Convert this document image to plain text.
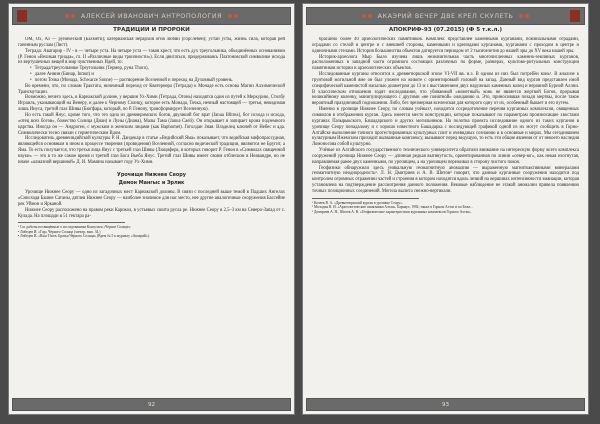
АЛЕКСЕЙ ИВАНОВИЧ АНТРОПОЛОГИЯ
ТРАДИЦИИ И ПРОРОКИ

ОМ, Ох, Аз — рунический (Бахмети); катерианская иерархия огня любви (Горслебен); устан усты, жизнь сила, которая рей ганенным руслам (Лист).

Тетрада: Аватарир - IV - в — четыре уста. На четыре уста — таков крест, что есть дух треугольника, объединённых основаниями (Р. Генон «Великая триада», гл. II «Различные виды троичности»). Если двигаться, придерживаясь Платоновской символике исхода из вертушечных вещей в мир чувственных Идей, то:

• Тетрада/треугольнике Треугольник (Термер, руна Thorn),
• далее Аннин (Бинар, Inmut) и
• потом Точка (Монада, Schwarze Sonne) — растворение Вселенной и переход на Духовный уровень.

Во времени, что, по словам Трактата, ничемный переход от Кватернера (Тетрада) к Монаде есть основа Магии Алхимической Трансмутации.

Возможно, нечего здесь, в Карнакской долине, у вершин Ух-Химн (Тетрада, Огонь) находятся один из путей к Меркурию, Столбу Играиль, указывающий на Венеру, и далее к Черному Солнцу, которое есть Монада, Точка, нечный настоящей — третья, невидимая лишь Инуса, третий глаз Шивы (Бюгфара, который, по Р. Генону, трансформирует Вселенную).

Но есть такой Янус, кроме того, что это одна из древнеримских богов, двуликий бог врат (Janua Вlltrea), бог исхода и исхода, «отец всех богов», божество Солнца (Диан) и Луны (Диана), Малы Тама (Janua Caeli). Он открывает и запирает крона подземного царства. Иногда он — Андроген, с мужским и женским лицами (как Baphomet). Гоголдан Зная. Владелец ключей от Небес и ада. Символически тесно связан с герметическим Вдом.

Исследователь древнеиндийской культуры Р. Н. Дандекар в статье «Ведийский Яма» показывает, что ведийская мифопрассудная, являющейся основным в ином в процессе творения (провидения) Вселенной, согласно ведической традиции, являются не Бругит, а Яма. То есть получается, что третья лица Янус с третьей глаз Шивы (Люцифера, в которых говорит Р. Генон в «Символах священной науки» — это в то же самое время и третий глаз Бога Вьеба Янус. Третий глаз Шивы имеет своим отблеском в Неавандре, но не иначе «алмазной вершиной» Д. И. Мамина называет гору Ух-Химн.

Урочище Нижнее Сеору

Демон Мангыс и Эрлик

Урочище Нижнее Сеору — одно из загадочных мест Карнакской долины. В связи с последней выше темой в Падших Ангелах «Снисходя Башне Сатаны, дятлев Нижнее Сеору — наиболее значимое для нас место, нее другие аналогичные сооружения Бассейне рек Уймон и Ярканой.

Нижнее Сеору расположено на правом реки Карокол, в устьевых сюита русла ре. Нижнее Сеору в 2,5–3 км на Северо-Запад от с. Кулада. На площади в 51 гектара ра-

¹ См. работы посвящённые о исследованиям Консульта «Черное Солнце»:

• Либедев И. «Гор» Чёрного Солнца (электр, вып. 34.)

• Либедев И. «Ruta Thorn. Братья Чёрного Солнца» (Врем № 5 к журналу «Акаэрий»).

92
АКАЭРИЙ ВЕЧЕР ДВЕ КРЕЛ СКУЛЕТЬ
АПОКРИФ-93 (07.2015) (Ф 5 т.к.л.)

брасанно более 40 археологических памятников. Комплекс представлен каменными курганами, поминальными оградами, оградами со стелой в центре и с внешней стороны, каменными и крепидами курганами, курганами с проходом в центре и одиночными стелами. История большинства объектов датируется периодом от 2 тысячелетия до нашей эры до XV века нашей эры.

Историк-археолога Мыр Было изучена лишь незначительная часть многочисленных каменно-земляных курганов, расположенных в западной части огромного состоящих различных по форме, размерах, культово-ритуальных конструкции памятников истории и археологических объектов.

Исследованные курганы относятся к древнетюркской эпохе VI-VII вв. н.э. В одном из них был потребён конь¹. В анализе к грунтовой могильной яме он был уложен на животе с ориентировкой головой на запад. Данный вид курган представлен иной специфической каменистой насыпью диаметром до 13 м с выставлением двух наружных каменных колец и неровной Бурной Аллии. В классическом отношения ходят изследование, что убиваемый «монетный» конь не является жертвой Богов, прорывая неликийному коленку, манипулирующего с другими «не понятной» ожиданию и. Это, приносившая позади мертвы, после такое вероятный праздничный подношения. Либо, без чрезмерная вселенская для которого одну от их, особенный бывает и его путем.

Именно в урочище Нижнее Сеору, по словам учёных², находится сосредоточение перечня курганных комплексов, священных символов в отображении курган. Здесь имеется место конструкции, которые показывают по параметрам произносящие хвостами курганах Пазырыкского, Башадарского и других могильников. На полотна проекта исследование одного из таких курганов в урочище Сеору попадалому и с хорошо известного Башадарка с последующей графикой одной из их могут сообщить в Горно-Алтайске выполнение точного протестированных культурных плит и очевидных сознанию и в основные и мирах. Мы сегодняшнем культурным Ижемском приходит вызванные комплексу, вызывают перед ведущую, то есть эти общие явления от от некоего наследия Ломоносова собой культурно.

Учёные из Алтайского государственного технического университета обратили внимание на интересную форму всего комплекса сооружений урочища Нижнее Сеору — длинная редкая вытянутость, ориентированная по линии «север-юг», как некая изогнутая, направляемая ранее двух каменными, по урочищем, а на урочищем переживал в сторону чистого покоя.

Геофизики обнаружили здесь уникальную геомагнитную аномалию — выраженную магнитоактивными минералами геомагнитную неоднородность². Л. Н. Дмитриев и А. В. Шитов³ говорят, что данные курганные сооружения находятся под контролем огромных отражении частей и строения в котором находятся вдоль лезвий на вершинах интенсивности эманации, которая установлена на подтверждение рассмотрения данного положения. Вековые наблюдение не этакой аномалии привела появлению точных позиционных соединений. Могила вылита снежно-вертикали.

¹ Кочеев В. А. «Древнетюркский курган в урочище Сеору».

² Молодин В. И. «Археологические памятники Алтая». Барнаул, 1992; также в Горном Алтае и по Беже...

³ Дмитриев А. Н., Шитов А. В. «Геофизические характеристики курганных комплексов Горного Алтая».

93
